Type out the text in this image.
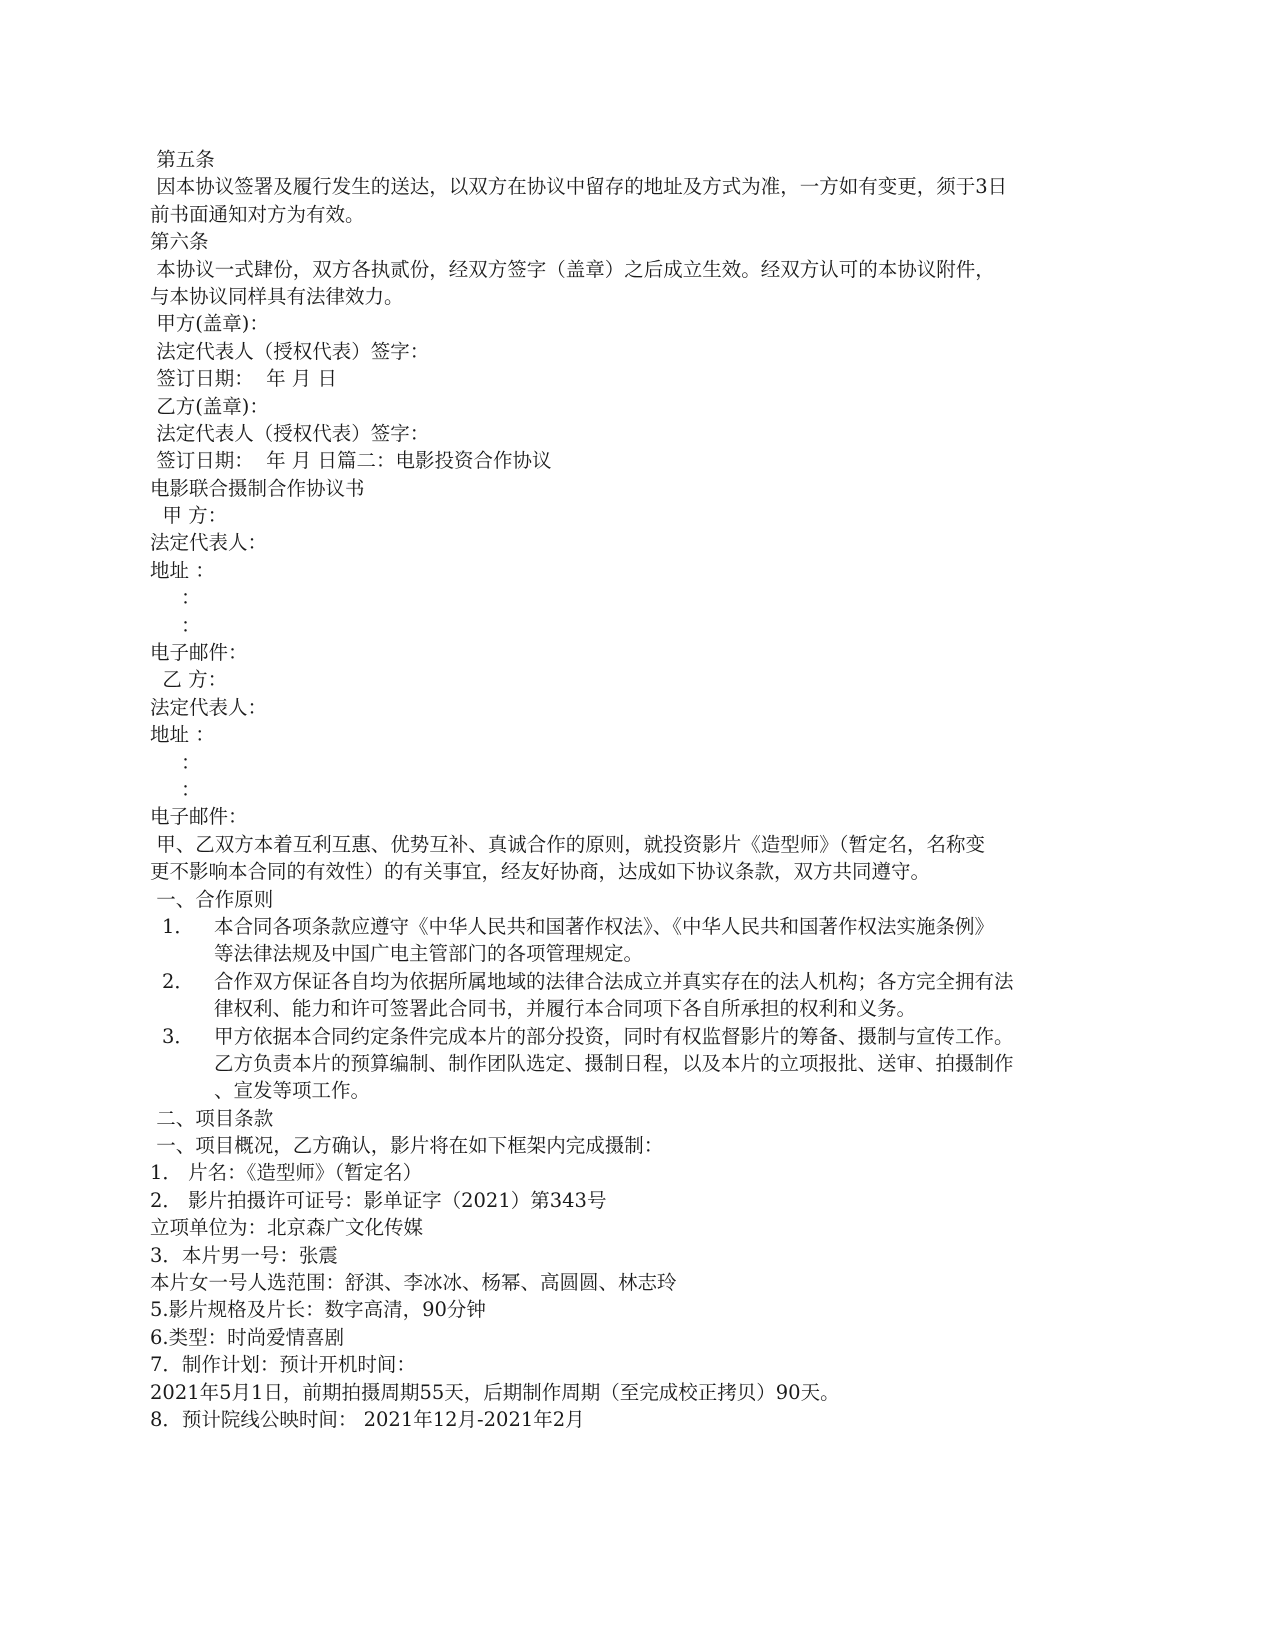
第五条
因本协议签署及履行发生的送达，以双方在协议中留存的地址及方式为准，一方如有变更，须于3日
前书面通知对方为有效。
第六条
本协议一式肆份，双方各执贰份，经双方签字（盖章）之后成立生效。经双方认可的本协议附件，
与本协议同样具有法律效力。
甲方(盖章)：
法定代表人（授权代表）签字：
签订日期：  年 月 日
乙方(盖章)：
法定代表人（授权代表）签字：
签订日期：  年 月 日篇二：电影投资合作协议
电影联合摄制合作协议书
甲 方：
法定代表人：
地址 ：
：
：
电子邮件：
乙 方：
法定代表人：
地址 ：
：
：
电子邮件：
甲、乙双方本着互利互惠、优势互补、真诚合作的原则，就投资影片《造型师》（暂定名，名称变
更不影响本合同的有效性）的有关事宜，经友好协商，达成如下协议条款，双方共同遵守。
一、合作原则
1．	本合同各项条款应遵守《中华人民共和国著作权法》、《中华人民共和国著作权法实施条例》
等法律法规及中国广电主管部门的各项管理规定。
2．	合作双方保证各自均为依据所属地域的法律合法成立并真实存在的法人机构；各方完全拥有法
律权利、能力和许可签署此合同书，并履行本合同项下各自所承担的权利和义务。
3．	甲方依据本合同约定条件完成本片的部分投资，同时有权监督影片的筹备、摄制与宣传工作。
乙方负责本片的预算编制、制作团队选定、摄制日程，以及本片的立项报批、送审、拍摄制作
、宣发等项工作。
二、项目条款
一、项目概况，乙方确认，影片将在如下框架内完成摄制：
1． 片名：《造型师》（暂定名）
2． 影片拍摄许可证号：影单证字（2021）第343号
立项单位为：北京森广文化传媒
3．本片男一号：张震
本片女一号人选范围：舒淇、李冰冰、杨幂、高圆圆、林志玲
5.影片规格及片长：数字高清，90分钟
6.类型：时尚爱情喜剧
7．制作计划：预计开机时间：
2021年5月1日，前期拍摄周期55天，后期制作周期（至完成校正拷贝）90天。
8．预计院线公映时间： 2021年12月-2021年2月
